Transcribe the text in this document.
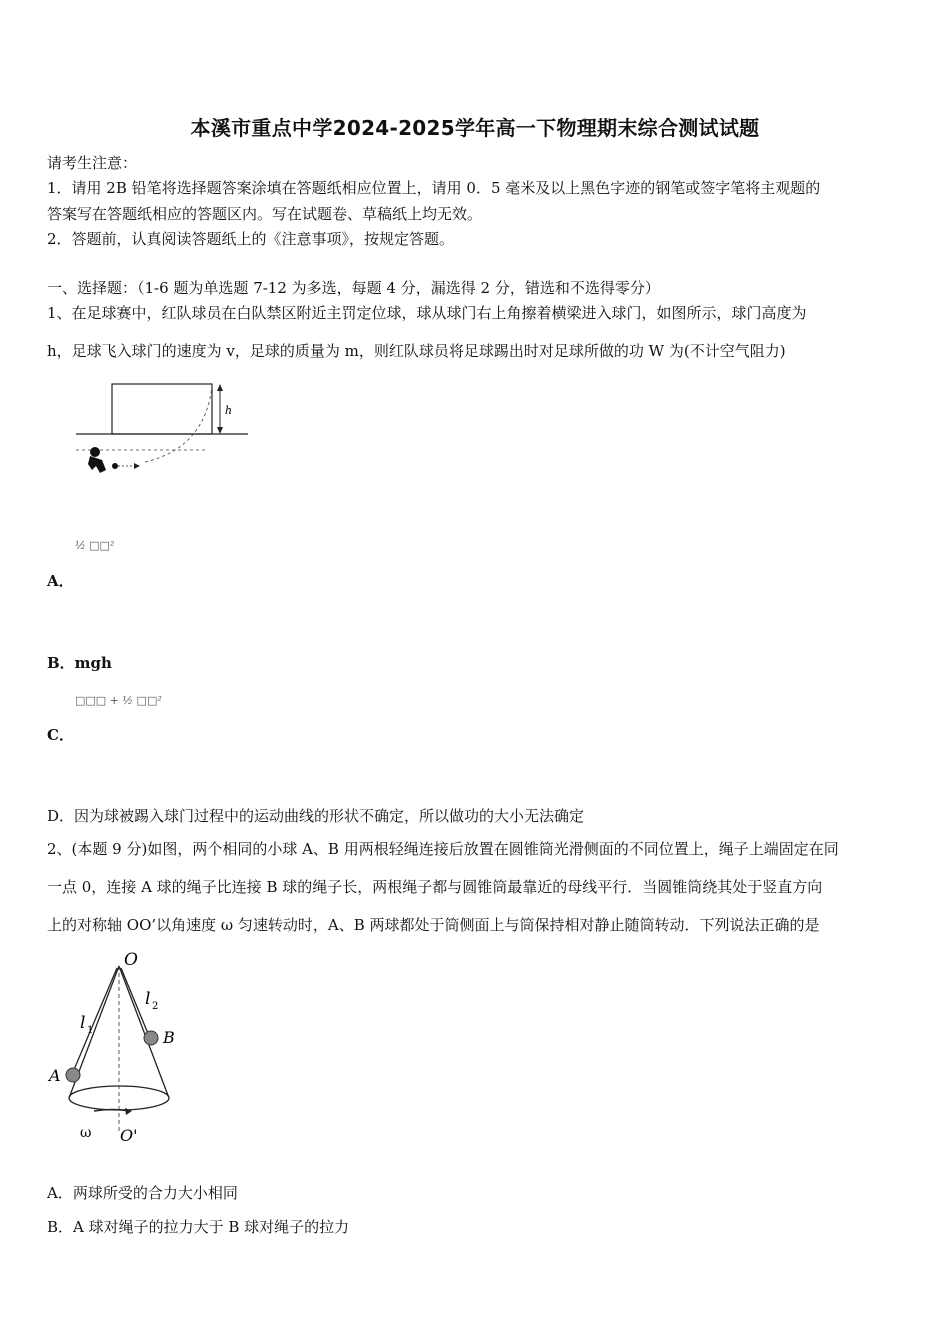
本溪市重点中学2024-2025学年高一下物理期末综合测试试题
请考生注意：
1．请用 2B 铅笔将选择题答案涂填在答题纸相应位置上，请用 0．5 毫米及以上黑色字迹的钢笔或签字笔将主观题的
答案写在答题纸相应的答题区内。写在试题卷、草稿纸上均无效。
2．答题前，认真阅读答题纸上的《注意事项》，按规定答题。
一、选择题：（1-6 题为单选题 7-12 为多选，每题 4 分，漏选得 2 分，错选和不选得零分）
1、在足球赛中，红队球员在白队禁区附近主罚定位球，球从球门右上角擦着横梁进入球门，如图所示，球门高度为
h，足球飞入球门的速度为 v，足球的质量为 m，则红队球员将足球踢出时对足球所做的功 W 为(不计空气阻力)
h
½ □□²
A．
B．mgh
□□□ + ½ □□²
C．
D．因为球被踢入球门过程中的运动曲线的形状不确定，所以做功的大小无法确定
2、(本题 9 分)如图，两个相同的小球 A、B 用两根轻绳连接后放置在圆锥筒光滑侧面的不同位置上，绳子上端固定在同
一点 0，连接 A 球的绳子比连接 B 球的绳子长，两根绳子都与圆锥筒最靠近的母线平行．当圆锥筒绕其处于竖直方向
上的对称轴 OO’以角速度 ω 匀速转动时，A、B 两球都处于筒侧面上与筒保持相对静止随筒转动．下列说法正确的是
O
l 1
l 2
A
B
ω O'
A．两球所受的合力大小相同
B．A 球对绳子的拉力大于 B 球对绳子的拉力
